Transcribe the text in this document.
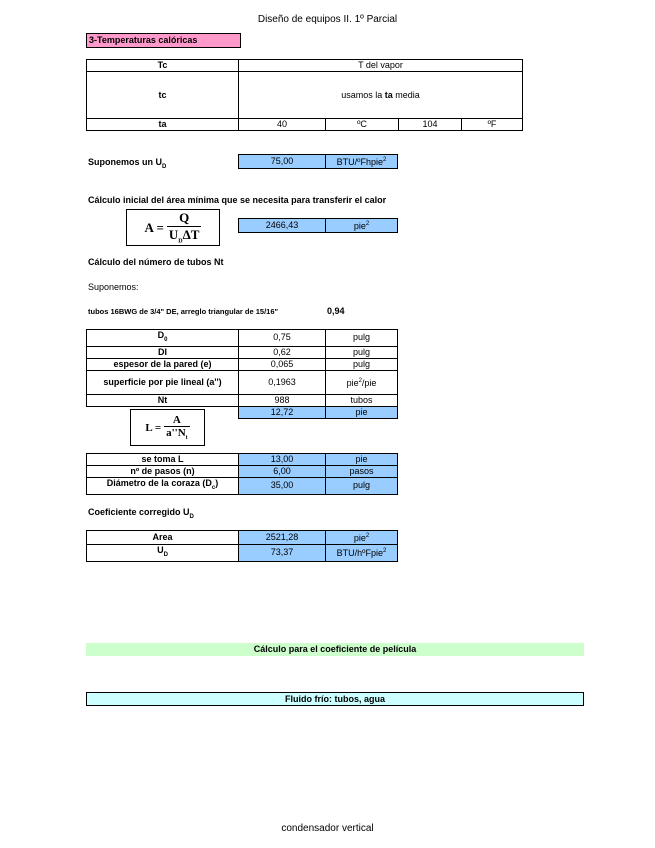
Diseño de equipos II. 1º Parcial
3-Temperaturas calóricas
Tc	T del vapor			
tc	usamos la ta media			
ta	40	ºC	104	ºF
Suponemos un $U_D$
75,00	BTU/ºFhpie$^2$
Cálculo inicial del área mínima que se necesita para transferir el calor
$A = \frac{Q}{U_D\Delta T}$	2466,43	pie$^2$
Cálculo del número de tubos Nt
Suponemos:
tubos 16BWG de 3/4" DE, arreglo triangular de 15/16"	0,94
$D_0$	0,75	pulg
DI	0,62	pulg
espesor de la pared (e)	0,065	pulg
superficie por pie lineal (a'')	0,1963	pie$^2$/pie
Nt	988	tubos
	12,72	pie
$L = \frac{A}{a''N_t}$
se toma L	13,00	pie
nº de pasos (n)	6,00	pasos
Diámetro de la coraza $(D_c)$	35,00	pulg
Coeficiente corregido $U_D$
Area	2521,28	pie$^2$
$U_D$	73,37	BTU/hºFpie$^2$
Cálculo para el coeficiente de película
Fluido frío: tubos, agua
condensador vertical
